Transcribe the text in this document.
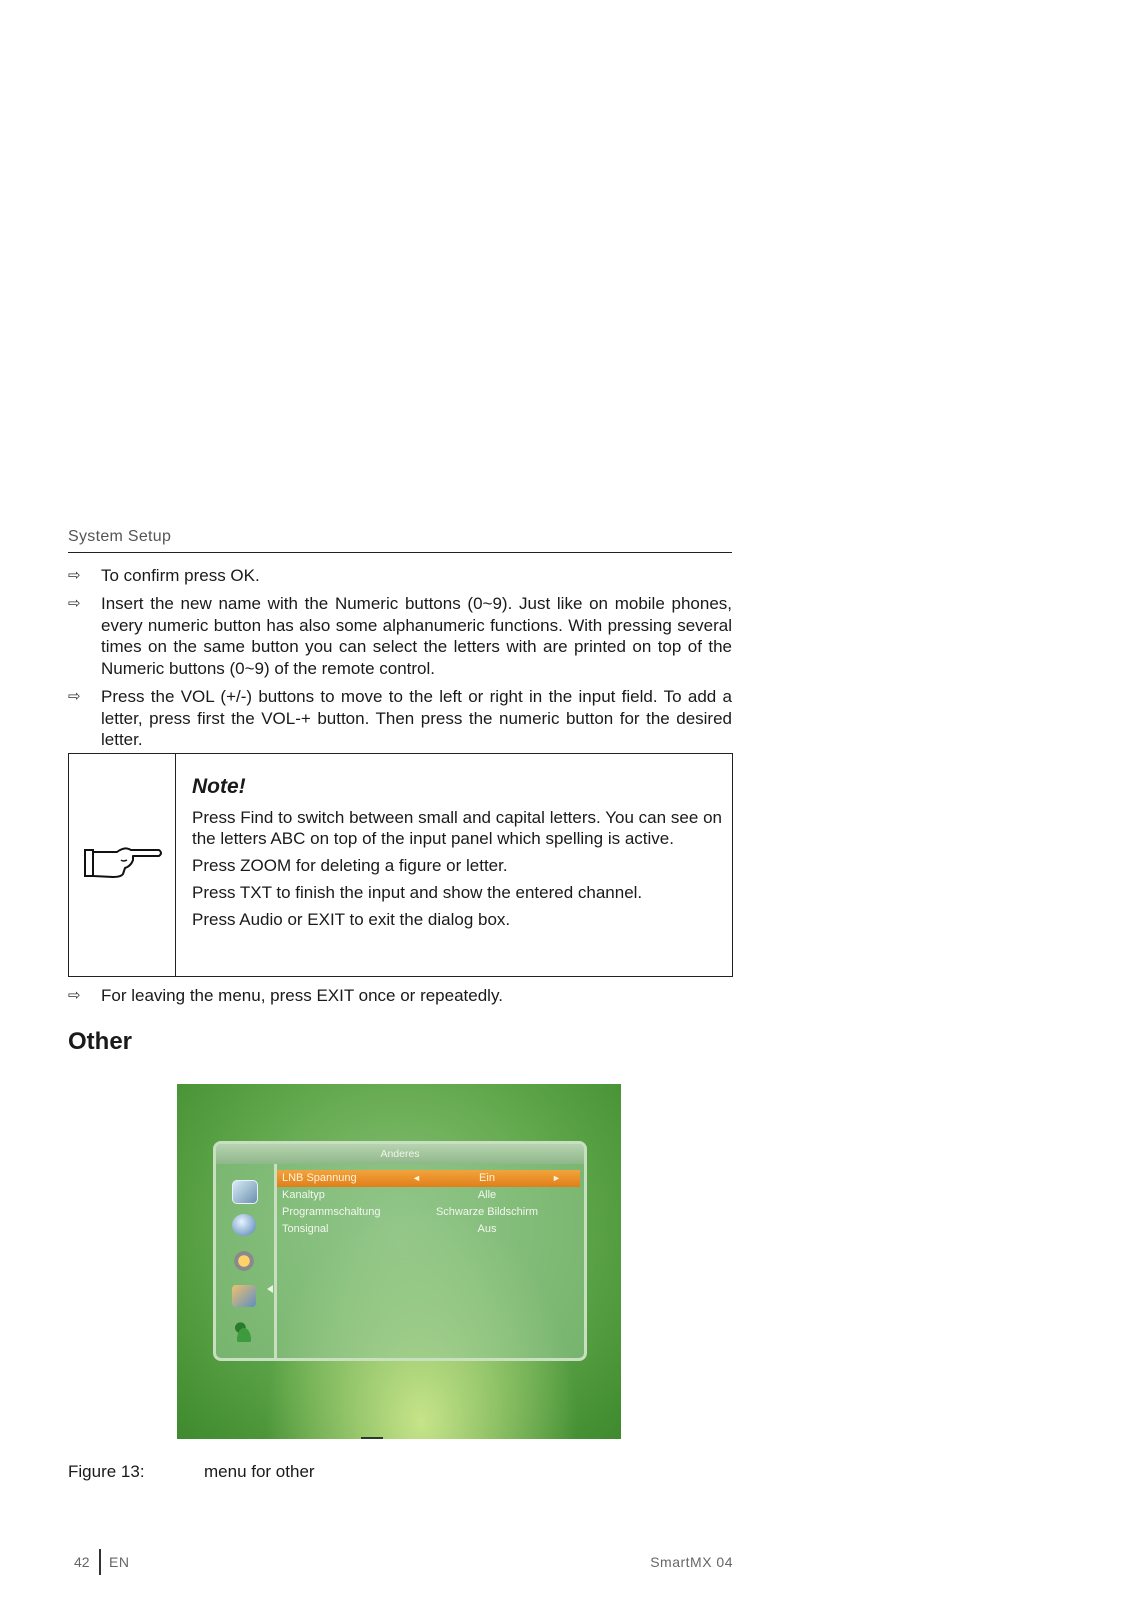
System Setup
⇨	To confirm press OK.
⇨	Insert the new name with the Numeric buttons (0~9). Just like on mobile phones, every numeric button has also some alphanumeric functions. With pressing several times on the same button you can select the letters with are printed on top of the Numeric buttons (0~9) of the remote control.
⇨	Press the VOL (+/-) buttons to move to the left or right in the input field. To add a letter, press first the VOL-+ button. Then press the numeric button for the desired letter.
Note!

Press Find to switch between small and capital letters. You can see on the letters ABC on top of the input panel which spelling is active.

Press ZOOM for deleting a figure or letter.

Press TXT to finish the input and show the entered channel.

Press Audio or EXIT to exit the dialog box.

⇨	For leaving the menu, press EXIT once or repeatedly.
Other
Anderes
LNB Spannung	◄	Ein	►
Kanaltyp	Alle
Programmschaltung	Schwarze Bildschirm
Tonsignal	Aus
Figure 13:	menu for other
42 EN	SmartMX 04
